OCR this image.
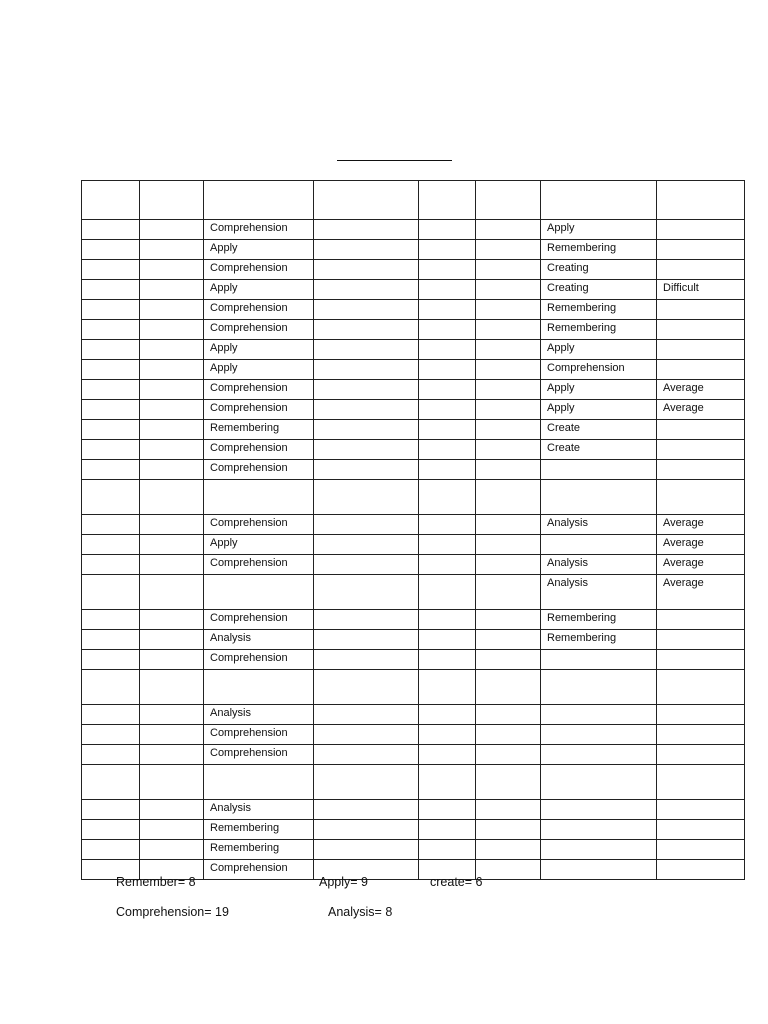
		Comprehension				Apply	
		Apply				Remembering	
		Comprehension				Creating	
		Apply				Creating	Difficult
		Comprehension				Remembering	
		Comprehension				Remembering	
		Apply				Apply	
		Apply				Comprehension	
		Comprehension				Apply	Average
		Comprehension				Apply	Average
		Remembering				Create	
		Comprehension				Create	
		Comprehension					

		Comprehension				Analysis	Average
		Apply					Average
		Comprehension				Analysis	Average
						Analysis	Average
		Comprehension				Remembering	
		Analysis				Remembering	
		Comprehension					

		Analysis					
		Comprehension					
		Comprehension					

		Analysis					
		Remembering					
		Remembering					
		Comprehension					
Remember= 8	Apply= 9	create= 6
Comprehension= 19	Analysis= 8
